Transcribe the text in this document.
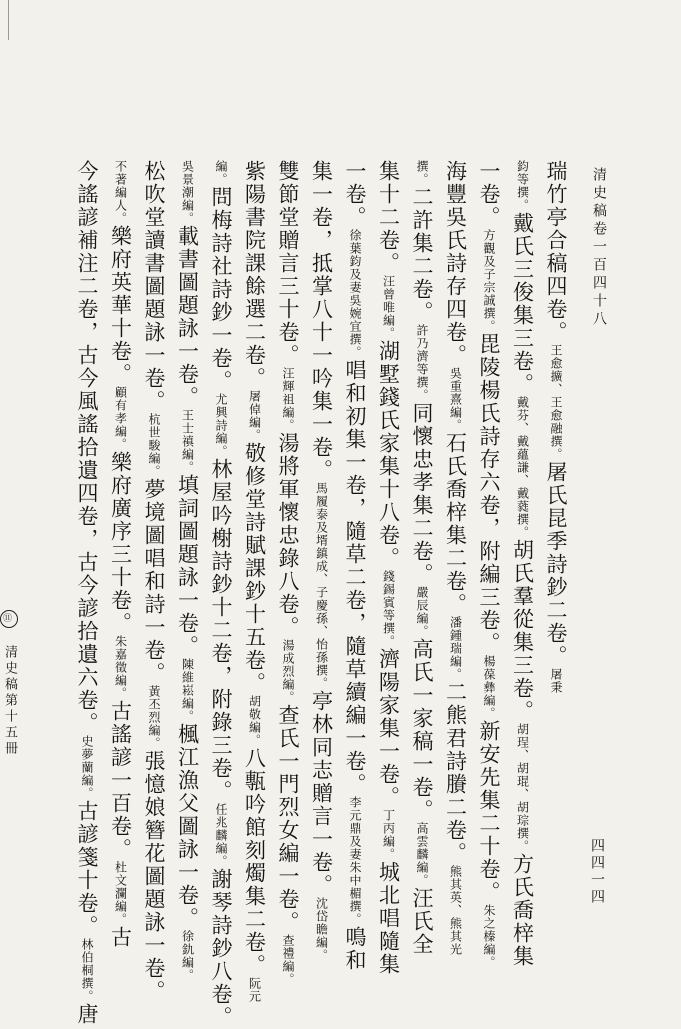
清史稿卷一百四十八
四四一四
瑞竹亭合稿四卷。王愈擴、王愈融撰。屠氏昆季詩鈔二卷。屠秉
鈞等撰。戴氏三俊集三卷。戴芬、戴蘊謙、戴蕤撰。胡氏羣從集三卷。胡珵、胡琨、胡琮撰。方氏喬梓集
一卷。方觀及子宗誠撰。毘陵楊氏詩存六卷，附編三卷。楊葆彝編。新安先集二十卷。朱之榛編。
海豐吳氏詩存四卷。吳重熹編。石氏喬梓集二卷。潘鍾瑞編。二熊君詩賸二卷。熊其英、熊其光
撰。二許集二卷。許乃濟等撰。同懷忠孝集二卷。嚴辰編。高氏一家稿一卷。高雲麟編。汪氏全
集十二卷。汪曾唯編。湖墅錢氏家集十八卷。錢錫賓等撰。濟陽家集一卷。丁丙編。城北唱隨集
一卷。徐葉鈞及妻吳婉宜撰。唱和初集一卷，隨草二卷，隨草續編一卷。李元鼎及妻朱中楣撰。鳴和
集一卷，抵掌八十一吟集一卷。馬履泰及壻鎮成、子慶孫、怡孫撰。亭林同志贈言一卷。沈岱瞻編。
雙節堂贈言三十卷。汪輝祖編。湯將軍懷忠錄八卷。湯成烈編。查氏一門烈女編一卷。查禮編。
紫陽書院課餘選二卷。屠倬編。敬修堂詩賦課鈔十五卷。胡敬編。八甎吟館刻燭集二卷。阮元
編。問梅詩社詩鈔一卷。尤興詩編。林屋吟榭詩鈔十二卷，附錄三卷。任兆麟編。謝琴詩鈔八卷。
吳景潮編。載書圖題詠一卷。王士禛編。填詞圖題詠一卷。陳維崧編。楓江漁父圖詠一卷。徐釚編。
松吹堂讀書圖題詠一卷。杭世駿編。夢境圖唱和詩一卷。黃丕烈編。張憶娘簪花圖題詠一卷。
不著編人。樂府英華十卷。顧有孝編。樂府廣序三十卷。朱嘉徵編。古謠諺一百卷。杜文瀾編。古
今謠諺補注二卷，古今風謠拾遺四卷，古今諺拾遺六卷。史夢蘭編。古諺箋十卷。林伯桐撰。唐
⑪ 清史稿第十五冊
